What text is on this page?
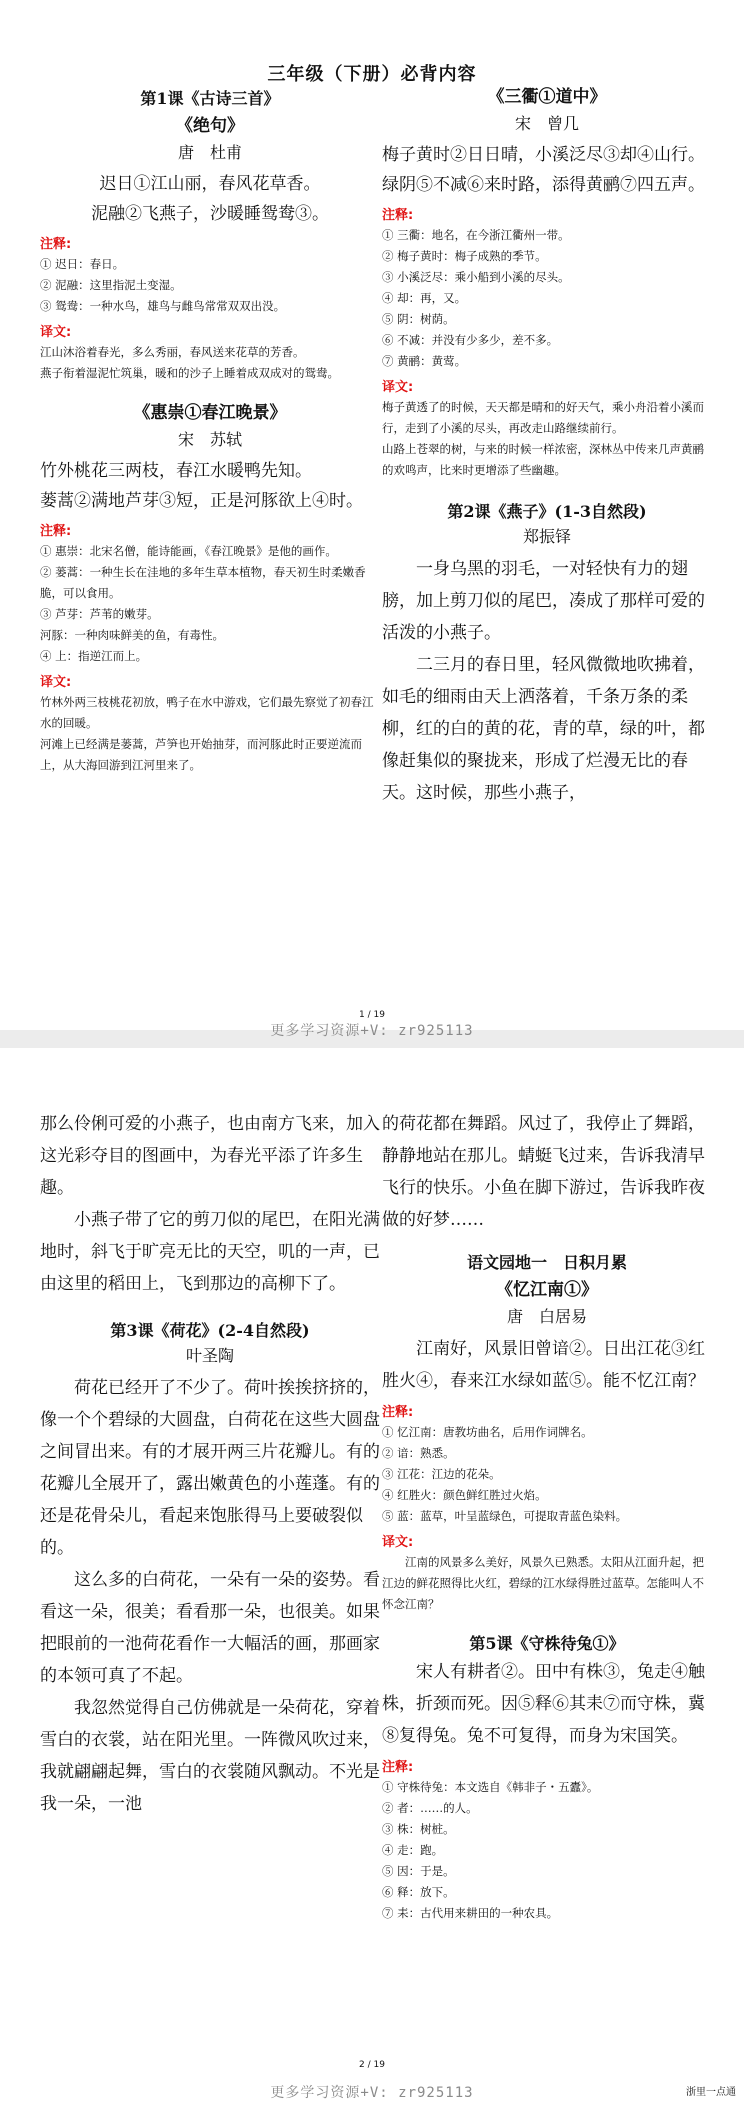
三年级（下册）必背内容
第1课《古诗三首》
《绝句》
唐　杜甫
迟日①江山丽，春风花草香。
泥融②飞燕子，沙暖睡鸳鸯③。
注释:
① 迟日：春日。
② 泥融：这里指泥土变湿。
③ 鸳鸯：一种水鸟，雄鸟与雌鸟常常双双出没。
译文:
江山沐浴着春光，多么秀丽，春风送来花草的芳香。
燕子衔着湿泥忙筑巢，暖和的沙子上睡着成双成对的鸳鸯。
《惠崇①春江晚景》
宋　苏轼
竹外桃花三两枝，春江水暖鸭先知。
蒌蒿②满地芦芽③短，正是河豚欲上④时。
注释:
① 惠崇：北宋名僧，能诗能画，《春江晚景》是他的画作。
② 蒌蒿：一种生长在洼地的多年生草本植物，春天初生时柔嫩香脆，可以食用。
③ 芦芽：芦苇的嫩芽。
河豚：一种肉味鲜美的鱼，有毒性。
④ 上：指逆江而上。
译文:
竹林外两三枝桃花初放，鸭子在水中游戏，它们最先察觉了初春江水的回暖。
河滩上已经满是蒌蒿，芦笋也开始抽芽，而河豚此时正要逆流而上，从大海回游到江河里来了。
《三衢①道中》
宋　曾几
梅子黄时②日日晴，小溪泛尽③却④山行。
绿阴⑤不减⑥来时路，添得黄鹂⑦四五声。
注释:
① 三衢：地名，在今浙江衢州一带。
② 梅子黄时：梅子成熟的季节。
③ 小溪泛尽：乘小船到小溪的尽头。
④ 却：再，又。
⑤ 阴：树荫。
⑥ 不减：并没有少多少，差不多。
⑦ 黄鹂：黄莺。
译文:
梅子黄透了的时候，天天都是晴和的好天气，乘小舟沿着小溪而行，走到了小溪的尽头，再改走山路继续前行。
山路上苍翠的树，与来的时候一样浓密，深林丛中传来几声黄鹂的欢鸣声，比来时更增添了些幽趣。
第2课《燕子》(1-3自然段)
郑振铎
一身乌黑的羽毛，一对轻快有力的翅膀，加上剪刀似的尾巴，凑成了那样可爱的活泼的小燕子。
二三月的春日里，轻风微微地吹拂着，如毛的细雨由天上洒落着，千条万条的柔柳，红的白的黄的花，青的草，绿的叶，都像赶集似的聚拢来，形成了烂漫无比的春天。这时候，那些小燕子，
1 / 19
更多学习资源+V: zr925113
那么伶俐可爱的小燕子，也由南方飞来，加入这光彩夺目的图画中，为春光平添了许多生趣。
小燕子带了它的剪刀似的尾巴，在阳光满地时，斜飞于旷亮无比的天空，叽的一声，已由这里的稻田上，飞到那边的高柳下了。
第3课《荷花》(2-4自然段)
叶圣陶
荷花已经开了不少了。荷叶挨挨挤挤的，像一个个碧绿的大圆盘，白荷花在这些大圆盘之间冒出来。有的才展开两三片花瓣儿。有的花瓣儿全展开了，露出嫩黄色的小莲蓬。有的还是花骨朵儿，看起来饱胀得马上要破裂似的。
这么多的白荷花，一朵有一朵的姿势。看看这一朵，很美；看看那一朵，也很美。如果把眼前的一池荷花看作一大幅活的画，那画家的本领可真了不起。
我忽然觉得自己仿佛就是一朵荷花，穿着雪白的衣裳，站在阳光里。一阵微风吹过来，我就翩翩起舞，雪白的衣裳随风飘动。不光是我一朵，一池
的荷花都在舞蹈。风过了，我停止了舞蹈，静静地站在那儿。蜻蜓飞过来，告诉我清早飞行的快乐。小鱼在脚下游过，告诉我昨夜做的好梦……
语文园地一　日积月累
《忆江南①》
唐　白居易
江南好，风景旧曾谙②。日出江花③红胜火④，春来江水绿如蓝⑤。能不忆江南？
注释:
① 忆江南：唐教坊曲名，后用作词牌名。
② 谙：熟悉。
③ 江花：江边的花朵。
④ 红胜火：颜色鲜红胜过火焰。
⑤ 蓝：蓝草，叶呈蓝绿色，可提取青蓝色染料。
译文:
江南的风景多么美好，风景久已熟悉。太阳从江面升起，把江边的鲜花照得比火红，碧绿的江水绿得胜过蓝草。怎能叫人不怀念江南？
第5课《守株待兔①》
宋人有耕者②。田中有株③，兔走④触株，折颈而死。因⑤释⑥其耒⑦而守株，冀⑧复得兔。兔不可复得，而身为宋国笑。
注释:
① 守株待兔：本文选自《韩非子・五蠹》。
② 者：……的人。
③ 株：树桩。
④ 走：跑。
⑤ 因：于是。
⑥ 释：放下。
⑦ 耒：古代用来耕田的一种农具。
2 / 19
更多学习资源+V: zr925113	浙里一点通
